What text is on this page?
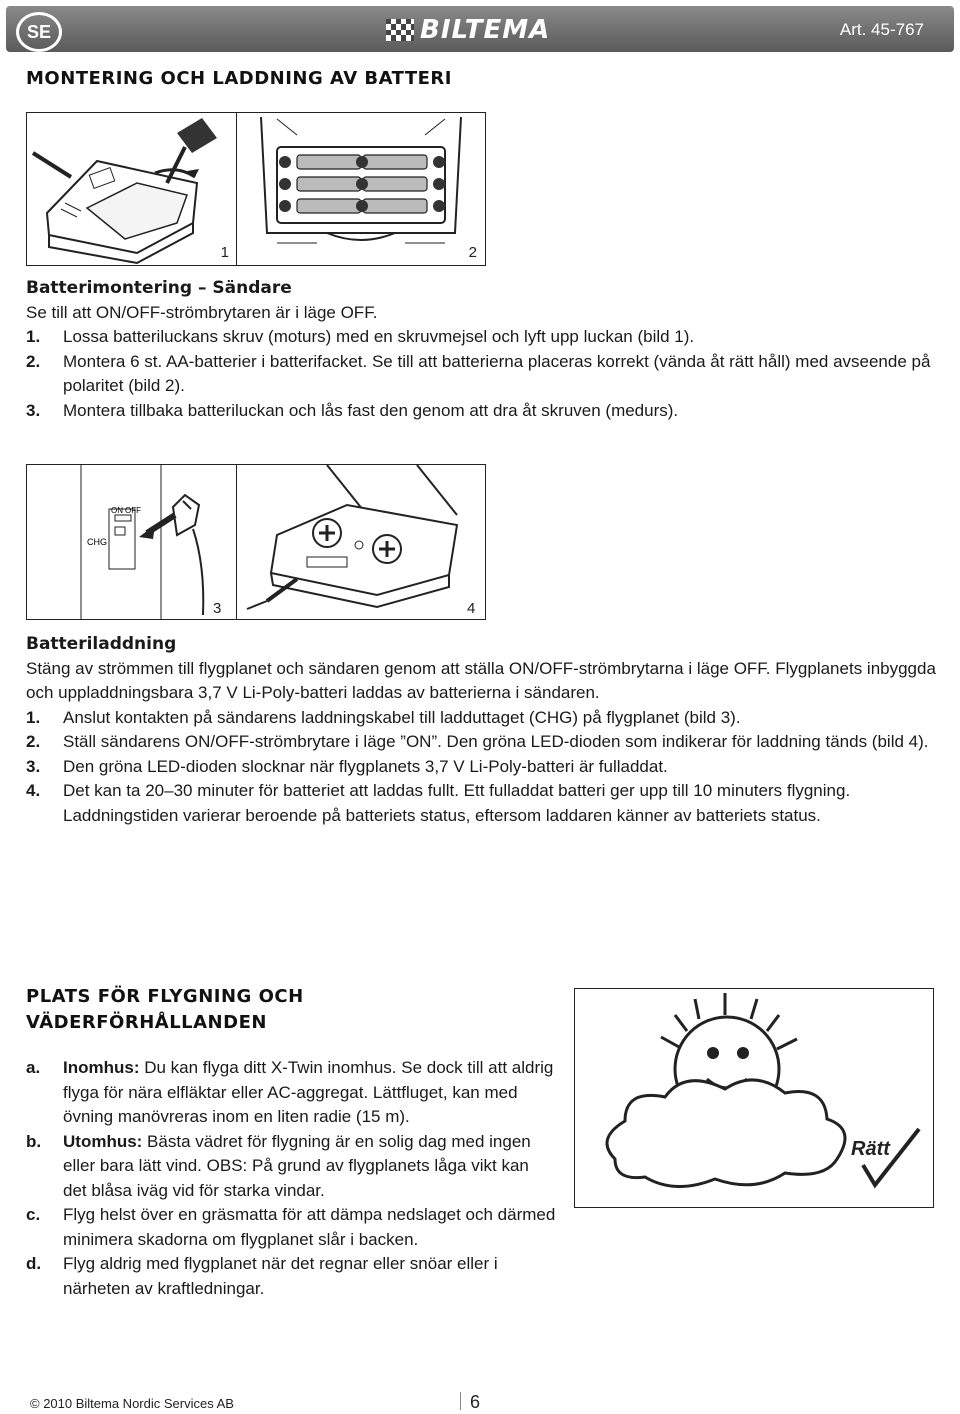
SE	BILTEMA	Art. 45-767
MONTERING OCH LADDNING AV BATTERI
1	2
Batterimontering – Sändare
Se till att ON/OFF-strömbrytaren är i läge OFF.
1.	Lossa batteriluckans skruv (moturs) med en skruvmejsel och lyft upp luckan (bild 1).
2.	Montera 6 st. AA-batterier i batterifacket. Se till att batterierna placeras korrekt (vända åt rätt håll) med avseende på polaritet (bild 2).
3.	Montera tillbaka batteriluckan och lås fast den genom att dra åt skruven (medurs).
ON OFF
CHG
3	4
Batteriladdning
Stäng av strömmen till flygplanet och sändaren genom att ställa ON/OFF-strömbrytarna i läge OFF. Flygplanets inbyggda och uppladdningsbara 3,7 V Li-Poly-batteri laddas av batterierna i sändaren.
1.	Anslut kontakten på sändarens laddningskabel till ladduttaget (CHG) på flygplanet (bild 3).
2.	Ställ sändarens ON/OFF-strömbrytare i läge ”ON”. Den gröna LED-dioden som indikerar för laddning tänds (bild 4).
3.	Den gröna LED-dioden slocknar när flygplanets 3,7 V Li-Poly-batteri är fulladdat.
4.	Det kan ta 20–30 minuter för batteriet att laddas fullt. Ett fulladdat batteri ger upp till 10 minuters flygning. Laddningstiden varierar beroende på batteriets status, eftersom laddaren känner av batteriets status.
PLATS FÖR FLYGNING OCH
VÄDERFÖRHÅLLANDEN
a.	Inomhus: Du kan flyga ditt X-Twin inomhus. Se dock till att aldrig flyga för nära elfläktar eller AC-aggregat. Lättfluget, kan med övning manövreras inom en liten radie (15 m).
b.	Utomhus: Bästa vädret för flygning är en solig dag med ingen eller bara lätt vind. OBS: På grund av flygplanets låga vikt kan det blåsa iväg vid för starka vindar.
c.	Flyg helst över en gräsmatta för att dämpa nedslaget och därmed minimera skadorna om flygplanet slår i backen.
d.	Flyg aldrig med flygplanet när det regnar eller snöar eller i närheten av kraftledningar.
Rätt
© 2010 Biltema Nordic Services AB	6
